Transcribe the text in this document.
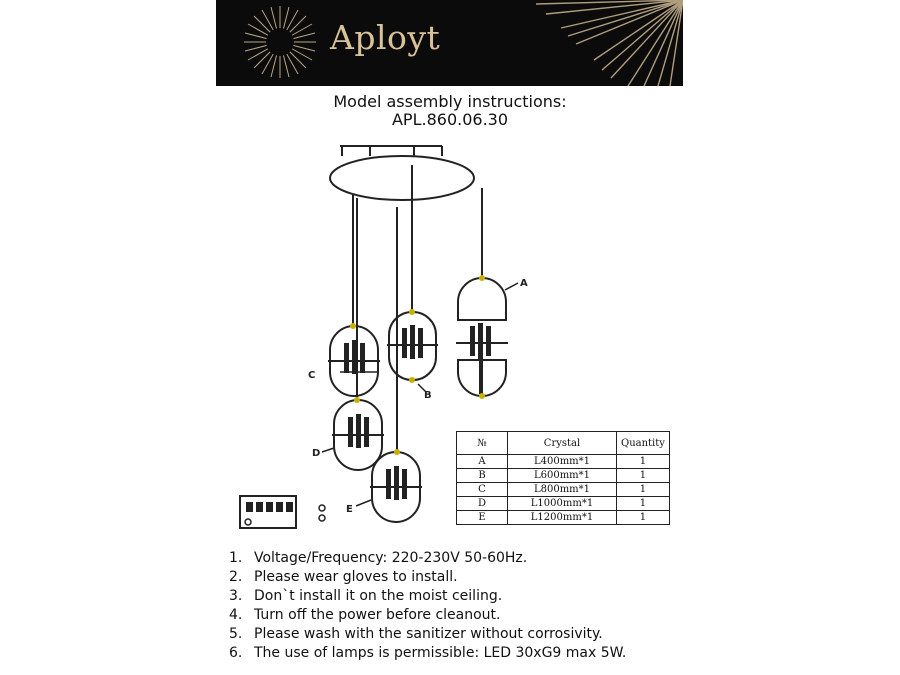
Aployt
Model assembly instructions:
APL.860.06.30
A
B
C
D
E
№	Crystal	Quantity
A	L400mm*1	1
B	L600mm*1	1
C	L800mm*1	1
D	L1000mm*1	1
E	L1200mm*1	1
1. Voltage/Frequency: 220-230V 50-60Hz.
2. Please wear gloves to install.
3. Don`t install it on the moist ceiling.
4. Turn off the power before cleanout.
5. Please wash with the sanitizer without corrosivity.
6. The use of lamps is permissible: LED 30xG9 max 5W.
